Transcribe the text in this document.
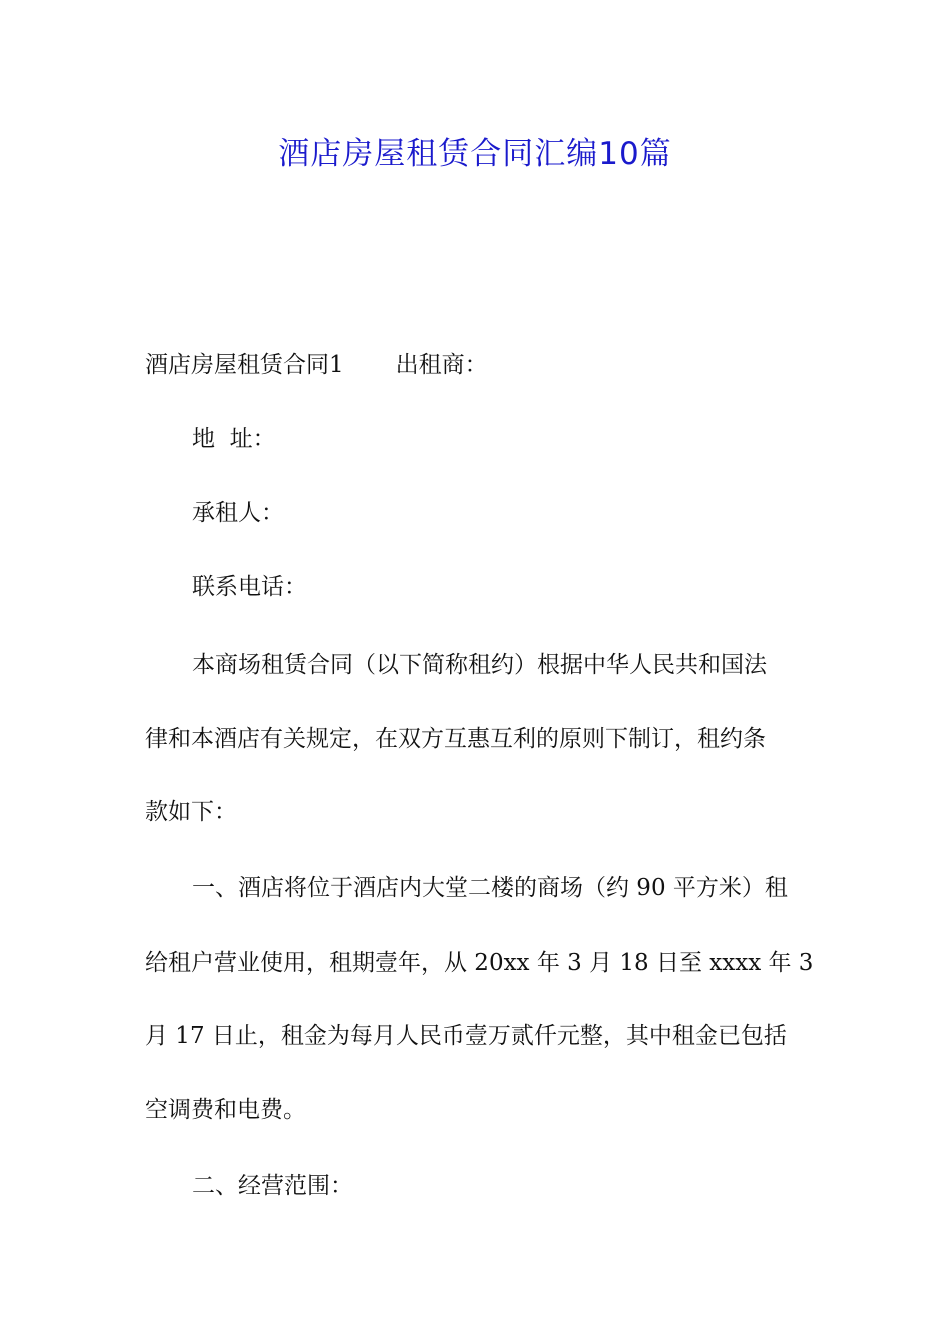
酒店房屋租赁合同汇编10篇

酒店房屋租赁合同1 出租商：

地  址：

承租人：

联系电话：

本商场租赁合同（以下简称租约）根据中华人民共和国法

律和本酒店有关规定，在双方互惠互利的原则下制订，租约条

款如下：

一、酒店将位于酒店内大堂二楼的商场（约 90 平方米）租

给租户营业使用，租期壹年，从 20xx 年 3 月 18 日至 xxxx 年 3

月 17 日止，租金为每月人民币壹万贰仟元整，其中租金已包括

空调费和电费。

二、经营范围：
